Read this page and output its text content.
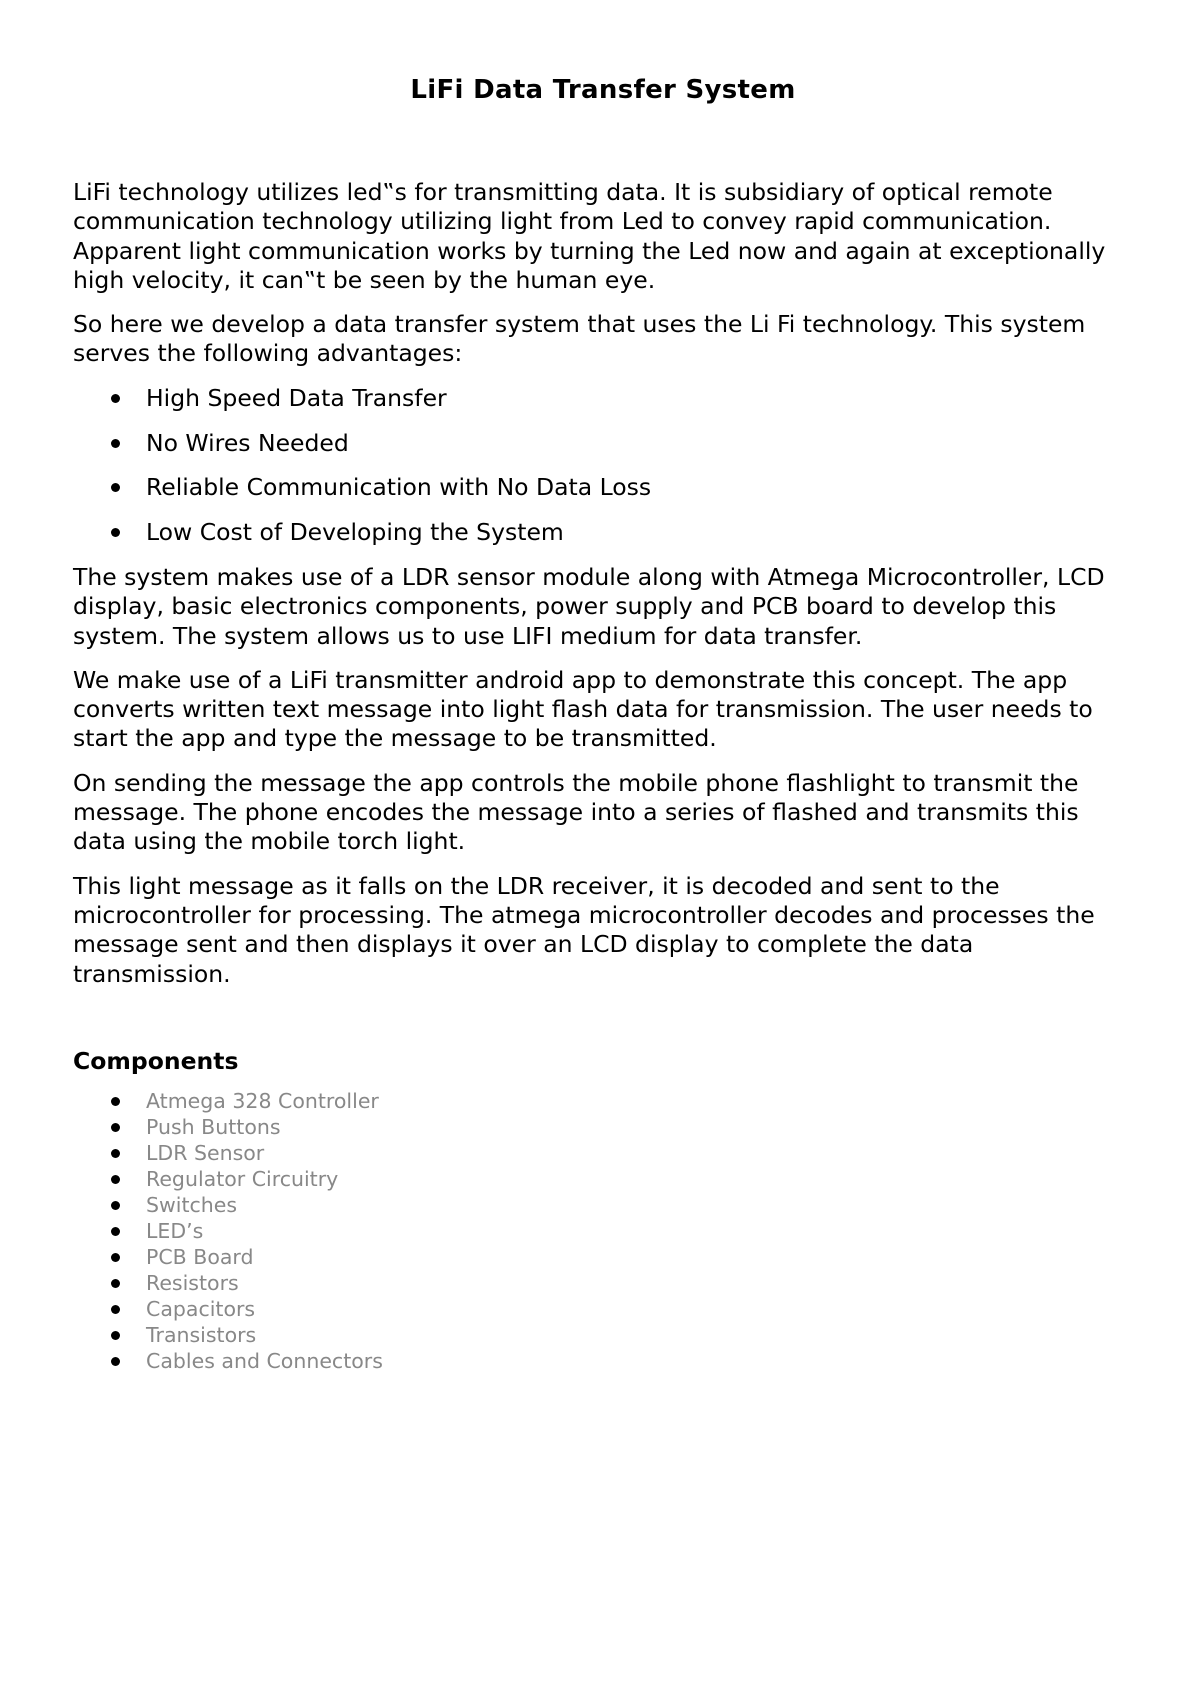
LiFi Data Transfer System

LiFi technology utilizes led‟s for transmitting data. It is subsidiary of optical remote communication technology utilizing light from Led to convey rapid communication. Apparent light communication works by turning the Led now and again at exceptionally high velocity, it can‟t be seen by the human eye.

So here we develop a data transfer system that uses the Li Fi technology. This system serves the following advantages:

High Speed Data Transfer
No Wires Needed
Reliable Communication with No Data Loss
Low Cost of Developing the System

The system makes use of a LDR sensor module along with Atmega Microcontroller, LCD display, basic electronics components, power supply and PCB board to develop this system. The system allows us to use LIFI medium for data transfer.

We make use of a LiFi transmitter android app to demonstrate this concept. The app converts written text message into light flash data for transmission. The user needs to start the app and type the message to be transmitted.

On sending the message the app controls the mobile phone flashlight to transmit the message. The phone encodes the message into a series of flashed and transmits this data using the mobile torch light.

This light message as it falls on the LDR receiver, it is decoded and sent to the microcontroller for processing. The atmega microcontroller decodes and processes the message sent and then displays it over an LCD display to complete the data transmission.

Components
Atmega 328 Controller
Push Buttons
LDR Sensor
Regulator Circuitry
Switches
LED’s
PCB Board
Resistors
Capacitors
Transistors
Cables and Connectors
